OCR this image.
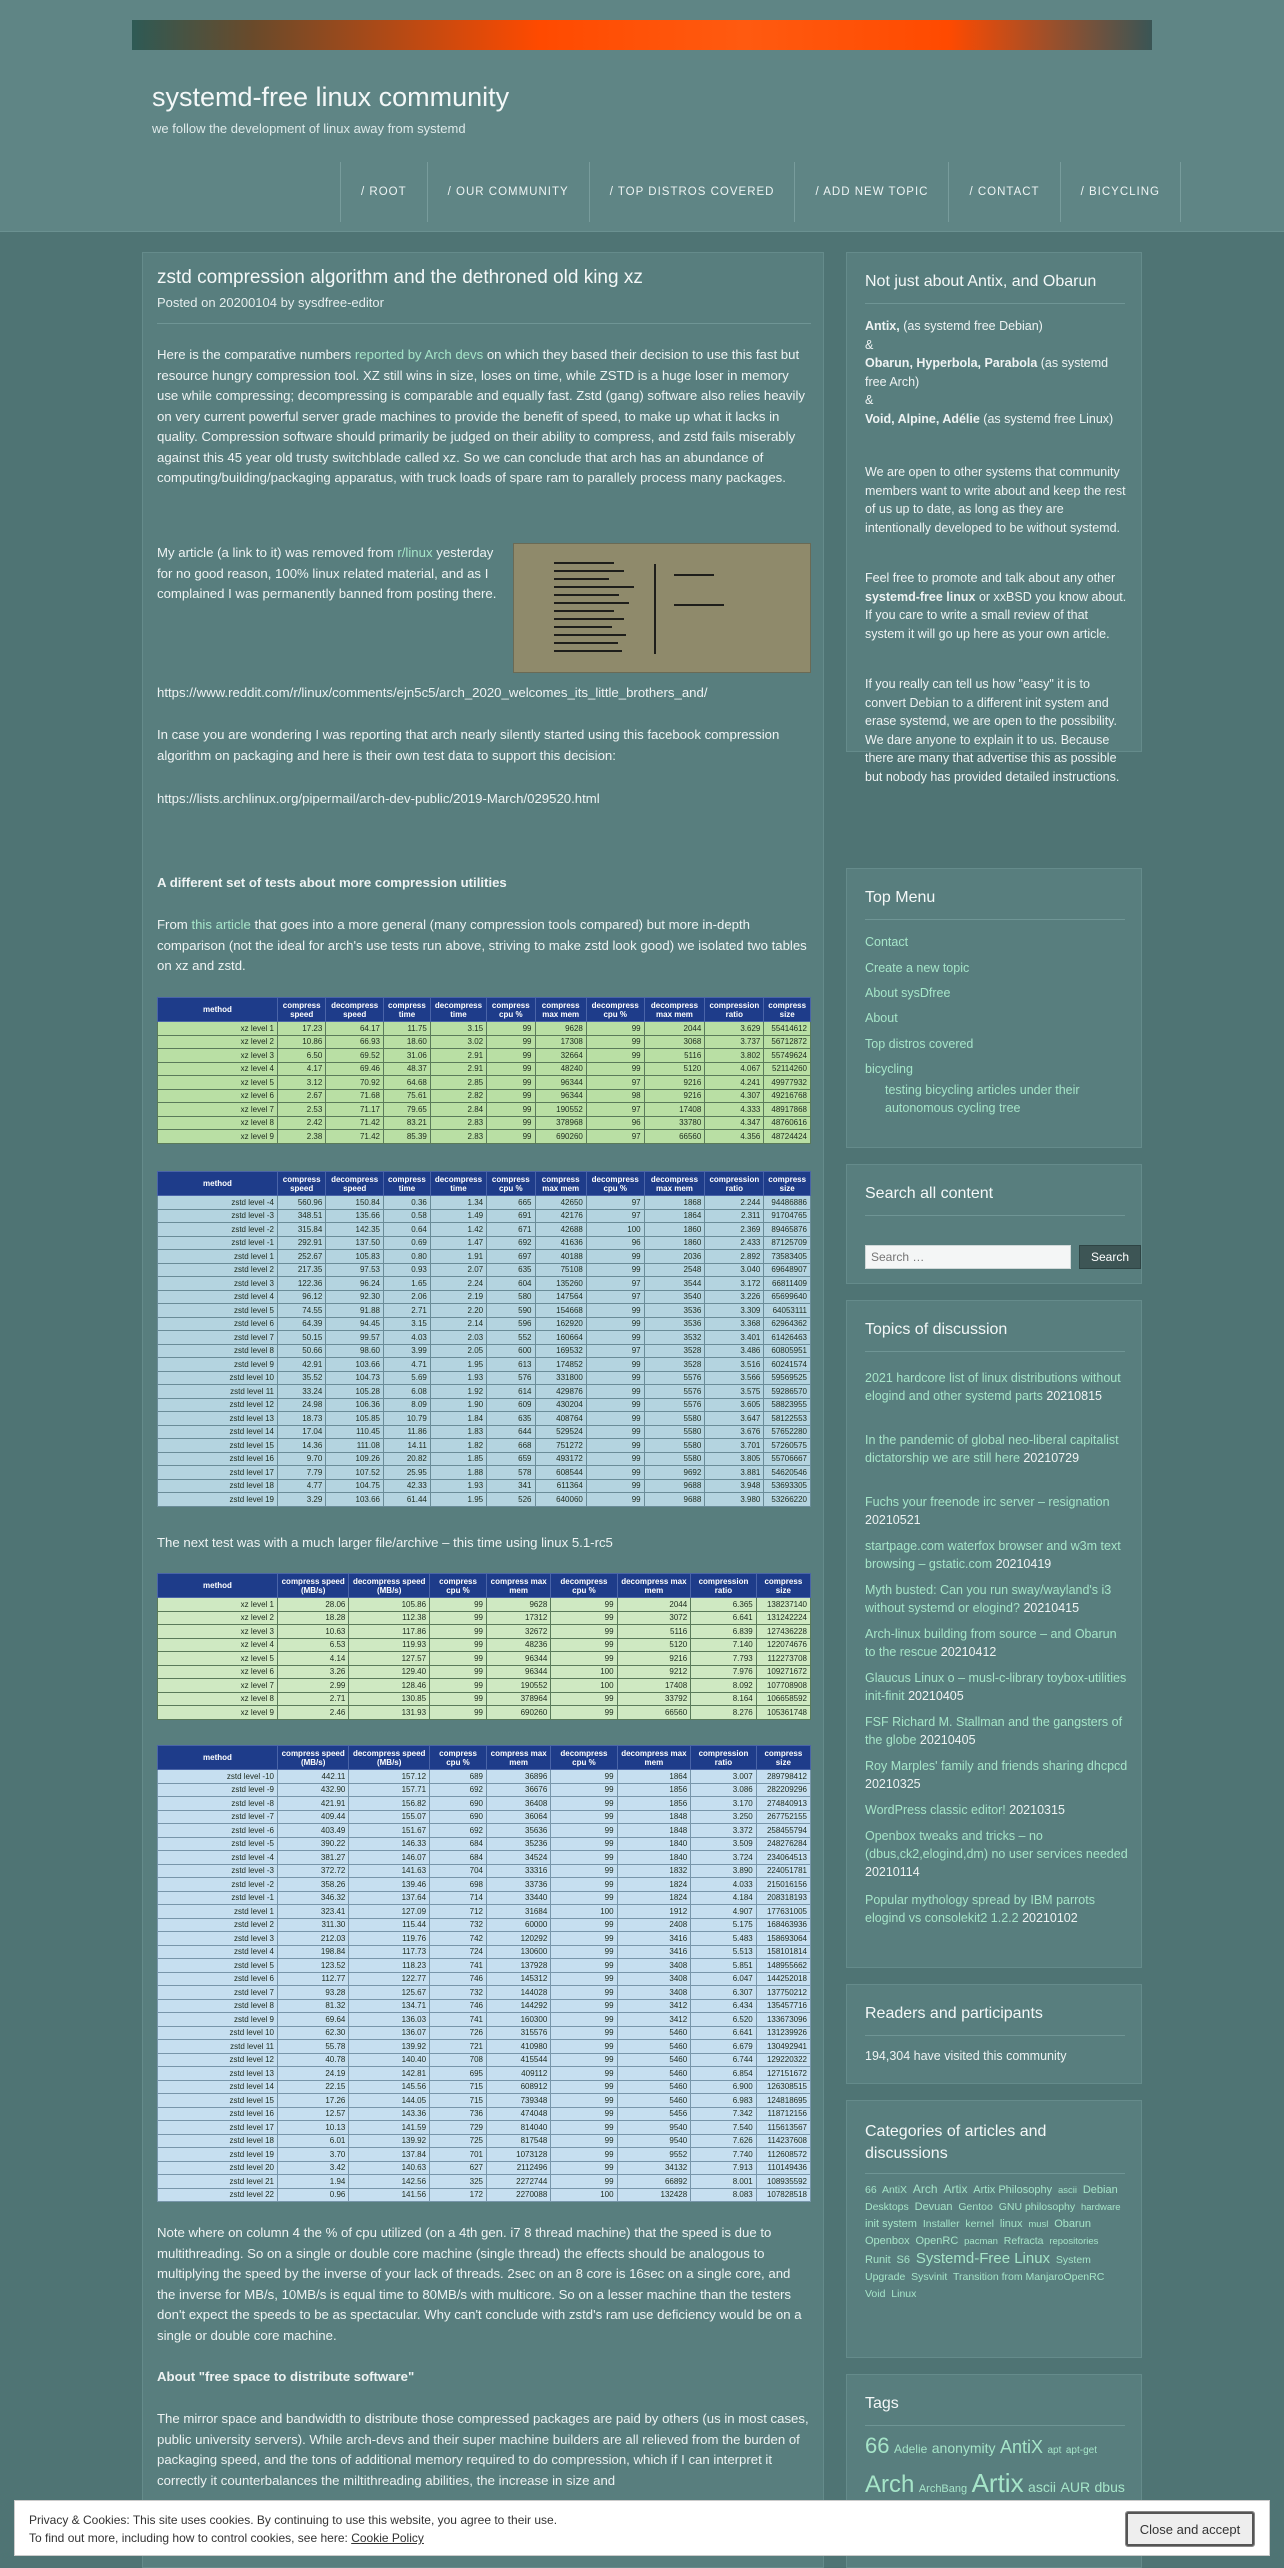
systemd-free linux community
we follow the development of linux away from systemd
/ ROOT	/ OUR COMMUNITY	/ TOP DISTROS COVERED	/ ADD NEW TOPIC	/ CONTACT	/ BICYCLING
zstd compression algorithm and the dethroned old king xz
Posted on 20200104 by sysdfree-editor

Here is the comparative numbers reported by Arch devs on which they based their decision to use this fast but resource hungry compression tool. XZ still wins in size, loses on time, while ZSTD is a huge loser in memory use while compressing; decompressing is comparable and equally fast. Zstd (gang) software also relies heavily on very current powerful server grade machines to provide the benefit of speed, to make up what it lacks in quality. Compression software should primarily be judged on their ability to compress, and zstd fails miserably against this 45 year old trusty switchblade called xz. So we can conclude that arch has an abundance of computing/building/packaging apparatus, with truck loads of spare ram to parallely process many packages.

My article (a link to it) was removed from r/linux yesterday for no good reason, 100% linux related material, and as I complained I was permanently banned from posting there.

https://www.reddit.com/r/linux/comments/ejn5c5/arch_2020_welcomes_its_little_brothers_and/

In case you are wondering I was reporting that arch nearly silently started using this facebook compression algorithm on packaging and here is their own test data to support this decision:

https://lists.archlinux.org/pipermail/arch-dev-public/2019-March/029520.html

A different set of tests about more compression utilities

From this article that goes into a more general (many compression tools compared) but more in-depth comparison (not the ideal for arch's use tests run above, striving to make zstd look good) we isolated two tables on xz and zstd.

method	compress speed	decompress speed	compress time	decompress time	compress cpu %	compress max mem	decompress cpu %	decompress max mem	compression ratio	compress size
xz level 1	17.23	64.17	11.75	3.15	99	9628	99	2044	3.629	55414612
xz level 2	10.86	66.93	18.60	3.02	99	17308	99	3068	3.737	56712872
xz level 3	6.50	69.52	31.06	2.91	99	32664	99	5116	3.802	55749624
xz level 4	4.17	69.46	48.37	2.91	99	48240	99	5120	4.067	52114260
xz level 5	3.12	70.92	64.68	2.85	99	96344	97	9216	4.241	49977932
xz level 6	2.67	71.68	75.61	2.82	99	96344	98	9216	4.307	49216768
xz level 7	2.53	71.17	79.65	2.84	99	190552	97	17408	4.333	48917868
xz level 8	2.42	71.42	83.21	2.83	99	378968	96	33780	4.347	48760616
xz level 9	2.38	71.42	85.39	2.83	99	690260	97	66560	4.356	48724424
method	compress speed	decompress speed	compress time	decompress time	compress cpu %	compress max mem	decompress cpu %	decompress max mem	compression ratio	compress size
zstd level -4	560.96	150.84	0.36	1.34	665	42650	97	1868	2.244	94486886
zstd level -3	348.51	135.66	0.58	1.49	691	42176	97	1864	2.311	91704765
zstd level -2	315.84	142.35	0.64	1.42	671	42688	100	1860	2.369	89465876
zstd level -1	292.91	137.50	0.69	1.47	692	41636	96	1860	2.433	87125709
zstd level 1	252.67	105.83	0.80	1.91	697	40188	99	2036	2.892	73583405
zstd level 2	217.35	97.53	0.93	2.07	635	75108	99	2548	3.040	69648907
zstd level 3	122.36	96.24	1.65	2.24	604	135260	97	3544	3.172	66811409
zstd level 4	96.12	92.30	2.06	2.19	580	147564	97	3540	3.226	65699640
zstd level 5	74.55	91.88	2.71	2.20	590	154668	99	3536	3.309	64053111
zstd level 6	64.39	94.45	3.15	2.14	596	162920	99	3536	3.368	62964362
zstd level 7	50.15	99.57	4.03	2.03	552	160664	99	3532	3.401	61426463
zstd level 8	50.66	98.60	3.99	2.05	600	169532	97	3528	3.486	60805951
zstd level 9	42.91	103.66	4.71	1.95	613	174852	99	3528	3.516	60241574
zstd level 10	35.52	104.73	5.69	1.93	576	331800	99	5576	3.566	59569525
zstd level 11	33.24	105.28	6.08	1.92	614	429876	99	5576	3.575	59286570
zstd level 12	24.98	106.36	8.09	1.90	609	430204	99	5576	3.605	58823955
zstd level 13	18.73	105.85	10.79	1.84	635	408764	99	5580	3.647	58122553
zstd level 14	17.04	110.45	11.86	1.83	644	529524	99	5580	3.676	57652280
zstd level 15	14.36	111.08	14.11	1.82	668	751272	99	5580	3.701	57260575
zstd level 16	9.70	109.26	20.82	1.85	659	493172	99	5580	3.805	55706667
zstd level 17	7.79	107.52	25.95	1.88	578	608544	99	9692	3.881	54620546
zstd level 18	4.77	104.75	42.33	1.93	341	611364	99	9688	3.948	53693305
zstd level 19	3.29	103.66	61.44	1.95	526	640060	99	9688	3.980	53266220

The next test was with a much larger file/archive – this time using linux 5.1-rc5

method	compress speed (MB/s)	decompress speed (MB/s)	compress cpu %	compress max mem	decompress cpu %	decompress max mem	compression ratio	compress size
xz level 1	28.06	105.86	99	9628	99	2044	6.365	138237140
xz level 2	18.28	112.38	99	17312	99	3072	6.641	131242224
xz level 3	10.63	117.86	99	32672	99	5116	6.839	127436228
xz level 4	6.53	119.93	99	48236	99	5120	7.140	122074676
xz level 5	4.14	127.57	99	96344	99	9216	7.793	112273708
xz level 6	3.26	129.40	99	96344	100	9212	7.976	109271672
xz level 7	2.99	128.46	99	190552	100	17408	8.092	107708908
xz level 8	2.71	130.85	99	378964	99	33792	8.164	106658592
xz level 9	2.46	131.93	99	690260	99	66560	8.276	105361748
method	compress speed (MB/s)	decompress speed (MB/s)	compress cpu %	compress max mem	decompress cpu %	decompress max mem	compression ratio	compress size
zstd level -10	442.11	157.12	689	36896	99	1864	3.007	289798412
zstd level -9	432.90	157.71	692	36676	99	1856	3.086	282209296
zstd level -8	421.91	156.82	690	36408	99	1856	3.170	274840913
zstd level -7	409.44	155.07	690	36064	99	1848	3.250	267752155
zstd level -6	403.49	151.67	692	35636	99	1848	3.372	258455794
zstd level -5	390.22	146.33	684	35236	99	1840	3.509	248276284
zstd level -4	381.27	146.07	684	34524	99	1840	3.724	234064513
zstd level -3	372.72	141.63	704	33316	99	1832	3.890	224051781
zstd level -2	358.26	139.46	698	33736	99	1824	4.033	215016156
zstd level -1	346.32	137.64	714	33440	99	1824	4.184	208318193
zstd level 1	323.41	127.09	712	31684	100	1912	4.907	177631005
zstd level 2	311.30	115.44	732	60000	99	2408	5.175	168463936
zstd level 3	212.03	119.76	742	120292	99	3416	5.483	158693064
zstd level 4	198.84	117.73	724	130600	99	3416	5.513	158101814
zstd level 5	123.52	118.23	741	137928	99	3408	5.851	148955662
zstd level 6	112.77	122.77	746	145312	99	3408	6.047	144252018
zstd level 7	93.28	125.67	732	144028	99	3408	6.307	137750212
zstd level 8	81.32	134.71	746	144292	99	3412	6.434	135457716
zstd level 9	69.64	136.03	741	160300	99	3412	6.520	133673096
zstd level 10	62.30	136.07	726	315576	99	5460	6.641	131239926
zstd level 11	55.78	139.92	721	410980	99	5460	6.679	130492941
zstd level 12	40.78	140.40	708	415544	99	5460	6.744	129220322
zstd level 13	24.19	142.81	695	409112	99	5460	6.854	127151672
zstd level 14	22.15	145.56	715	608912	99	5460	6.900	126308515
zstd level 15	17.26	144.05	715	739348	99	5460	6.983	124818695
zstd level 16	12.57	143.36	736	474048	99	5456	7.342	118712156
zstd level 17	10.13	141.59	729	814040	99	9540	7.540	115613567
zstd level 18	6.01	139.92	725	817548	99	9540	7.626	114237608
zstd level 19	3.70	137.84	701	1073128	99	9552	7.740	112608572
zstd level 20	3.42	140.63	627	2112496	99	34132	7.913	110149436
zstd level 21	1.94	142.56	325	2272744	99	66892	8.001	108935592
zstd level 22	0.96	141.56	172	2270088	100	132428	8.083	107828518

Note where on column 4 the % of cpu utilized (on a 4th gen. i7 8 thread machine) that the speed is due to multithreading. So on a single or double core machine (single thread) the effects should be analogous to multiplying the speed by the inverse of your lack of threads. 2sec on an 8 core is 16sec on a single core, and the inverse for MB/s, 10MB/s is equal time to 80MB/s with multicore. So on a lesser machine than the testers don't expect the speeds to be as spectacular. Why can't conclude with zstd's ram use deficiency would be on a single or double core machine.

About "free space to distribute software"

The mirror space and bandwidth to distribute those compressed packages are paid by others (us in most cases, public university servers). While arch-devs and their super machine builders are all relieved from the burden of packaging speed, and the tons of additional memory required to do compression, which if I can interpret it correctly it counterbalances the miltithreading abilities, the increase in size and

Not just about Antix, and Obarun
Antix, (as systemd free Debian)
&
Obarun, Hyperbola, Parabola (as systemd free Arch)
&
Void, Alpine, Adélie (as systemd free Linux)
We are open to other systems that community members want to write about and keep the rest of us up to date, as long as they are intentionally developed to be without systemd.
Feel free to promote and talk about any other systemd-free linux or xxBSD you know about. If you care to write a small review of that system it will go up here as your own article.
If you really can tell us how "easy" it is to convert Debian to a different init system and erase systemd, we are open to the possibility. We dare anyone to explain it to us. Because there are many that advertise this as possible but nobody has provided detailed instructions.
Top Menu
Contact
Create a new topic
About sysDfree
About
Top distros covered
bicycling
testing bicycling articles under their autonomous cycling tree
Search all content
Search …
Search
Topics of discussion
2021 hardcore list of linux distributions without elogind and other systemd parts 20210815
In the pandemic of global neo-liberal capitalist dictatorship we are still here 20210729
Fuchs your freenode irc server – resignation 20210521
startpage.com waterfox browser and w3m text browsing – gstatic.com 20210419
Myth busted: Can you run sway/wayland's i3 without systemd or elogind? 20210415
Arch-linux building from source – and Obarun to the rescue 20210412
Glaucus Linux o – musl-c-library toybox-utilities init-finit 20210405
FSF Richard M. Stallman and the gangsters of the globe 20210405
Roy Marples' family and friends sharing dhcpcd 20210325
WordPress classic editor! 20210315
Openbox tweaks and tricks – no (dbus,ck2,elogind,dm) no user services needed 20210114
Popular mythology spread by IBM parrots elogind vs consolekit2 1.2.2 20210102
Readers and participants
194,304 have visited this community
Categories of articles and discussions
66 AntiX Arch Artix Artix Philosophy ascii Debian  Desktops Devuan Gentoo GNU philosophy hardware  init system Installer kernel linux musl Obarun  Openbox OpenRC pacman Refracta repositories  Runit S6 Systemd-Free Linux System Upgrade Sysvinit Transition from ManjaroOpenRC  Void Linux
Tags
66 Adelie anonymity AntiX apt apt-get Arch ArchBang Artix ascii AUR dbus
Privacy & Cookies: This site uses cookies. By continuing to use this website, you agree to their use.
To find out more, including how to control cookies, see here: Cookie Policy
Close and accept
